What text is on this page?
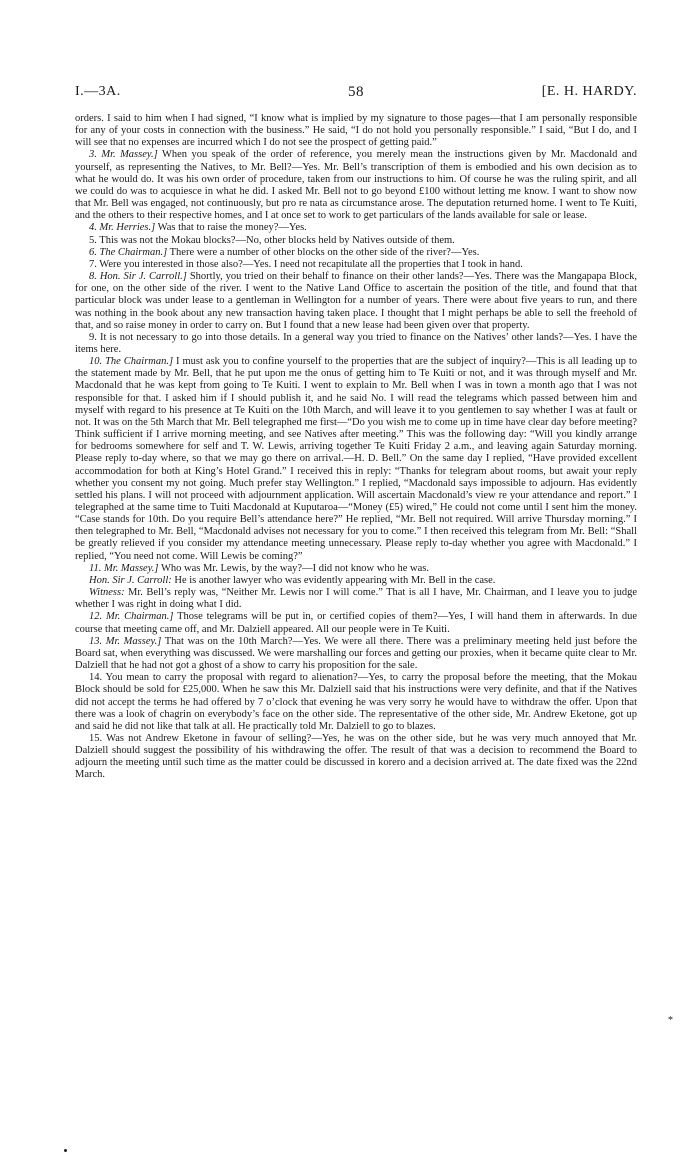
I.—3A.	58	[E. H. HARDY.

orders. I said to him when I had signed, “I know what is implied by my signature to those pages—that I am personally responsible for any of your costs in connection with the business.” He said, “I do not hold you personally responsible.” I said, “But I do, and I will see that no expenses are incurred which I do not see the prospect of getting paid.”

3. Mr. Massey.] When you speak of the order of reference, you merely mean the instructions given by Mr. Macdonald and yourself, as representing the Natives, to Mr. Bell?—Yes. Mr. Bell’s transcription of them is embodied and his own decision as to what he would do. It was his own order of procedure, taken from our instructions to him. Of course he was the ruling spirit, and all we could do was to acquiesce in what he did. I asked Mr. Bell not to go beyond £100 without letting me know. I want to show now that Mr. Bell was engaged, not continuously, but pro re nata as circumstance arose. The deputation returned home. I went to Te Kuiti, and the others to their respective homes, and I at once set to work to get particulars of the lands available for sale or lease.

4. Mr. Herries.] Was that to raise the money?—Yes.

5. This was not the Mokau blocks?—No, other blocks held by Natives outside of them.

6. The Chairman.] There were a number of other blocks on the other side of the river?—Yes.

7. Were you interested in those also?—Yes. I need not recapitulate all the properties that I took in hand.

8. Hon. Sir J. Carroll.] Shortly, you tried on their behalf to finance on their other lands?—Yes. There was the Mangapapa Block, for one, on the other side of the river. I went to the Native Land Office to ascertain the position of the title, and found that that particular block was under lease to a gentleman in Wellington for a number of years. There were about five years to run, and there was nothing in the book about any new transaction having taken place. I thought that I might perhaps be able to sell the freehold of that, and so raise money in order to carry on. But I found that a new lease had been given over that property.

9. It is not necessary to go into those details. In a general way you tried to finance on the Natives’ other lands?—Yes. I have the items here.

10. The Chairman.] I must ask you to confine yourself to the properties that are the subject of inquiry?—This is all leading up to the statement made by Mr. Bell, that he put upon me the onus of getting him to Te Kuiti or not, and it was through myself and Mr. Macdonald that he was kept from going to Te Kuiti. I went to explain to Mr. Bell when I was in town a month ago that I was not responsible for that. I asked him if I should publish it, and he said No. I will read the telegrams which passed between him and myself with regard to his presence at Te Kuiti on the 10th March, and will leave it to you gentlemen to say whether I was at fault or not. It was on the 5th March that Mr. Bell telegraphed me first—“Do you wish me to come up in time have clear day before meeting? Think sufficient if I arrive morning meeting, and see Natives after meeting.” This was the following day: “Will you kindly arrange for bedrooms somewhere for self and T. W. Lewis, arriving together Te Kuiti Friday 2 a.m., and leaving again Saturday morning. Please reply to-day where, so that we may go there on arrival.—H. D. Bell.” On the same day I replied, “Have provided excellent accommodation for both at King’s Hotel Grand.” I received this in reply: “Thanks for telegram about rooms, but await your reply whether you consent my not going. Much prefer stay Wellington.” I replied, “Macdonald says impossible to adjourn. Has evidently settled his plans. I will not proceed with adjournment application. Will ascertain Macdonald’s view re your attendance and report.” I telegraphed at the same time to Tuiti Macdonald at Kuputaroa—“Money (£5) wired,” He could not come until I sent him the money. “Case stands for 10th. Do you require Bell’s attendance here?” He replied, “Mr. Bell not required. Will arrive Thursday morning.” I then telegraphed to Mr. Bell, “Macdonald advises not necessary for you to come.” I then received this telegram from Mr. Bell: “Shall be greatly relieved if you consider my attendance meeting unnecessary. Please reply to-day whether you agree with Macdonald.” I replied, “You need not come. Will Lewis be coming?”

11. Mr. Massey.] Who was Mr. Lewis, by the way?—I did not know who he was.

Hon. Sir J. Carroll: He is another lawyer who was evidently appearing with Mr. Bell in the case.

Witness: Mr. Bell’s reply was, “Neither Mr. Lewis nor I will come.” That is all I have, Mr. Chairman, and I leave you to judge whether I was right in doing what I did.

12. Mr. Chairman.] Those telegrams will be put in, or certified copies of them?—Yes, I will hand them in afterwards. In due course that meeting came off, and Mr. Dalziell appeared. All our people were in Te Kuiti.

13. Mr. Massey.] That was on the 10th March?—Yes. We were all there. There was a preliminary meeting held just before the Board sat, when everything was discussed. We were marshalling our forces and getting our proxies, when it became quite clear to Mr. Dalziell that he had not got a ghost of a show to carry his proposition for the sale.

14. You mean to carry the proposal with regard to alienation?—Yes, to carry the proposal before the meeting, that the Mokau Block should be sold for £25,000. When he saw this Mr. Dalziell said that his instructions were very definite, and that if the Natives did not accept the terms he had offered by 7 o’clock that evening he was very sorry he would have to withdraw the offer. Upon that there was a look of chagrin on everybody’s face on the other side. The representative of the other side, Mr. Andrew Eketone, got up and said he did not like that talk at all. He practically told Mr. Dalziell to go to blazes.

15. Was not Andrew Eketone in favour of selling?—Yes, he was on the other side, but he was very much annoyed that Mr. Dalziell should suggest the possibility of his withdrawing the offer. The result of that was a decision to recommend the Board to adjourn the meeting until such time as the matter could be discussed in korero and a decision arrived at. The date fixed was the 22nd March.

*
